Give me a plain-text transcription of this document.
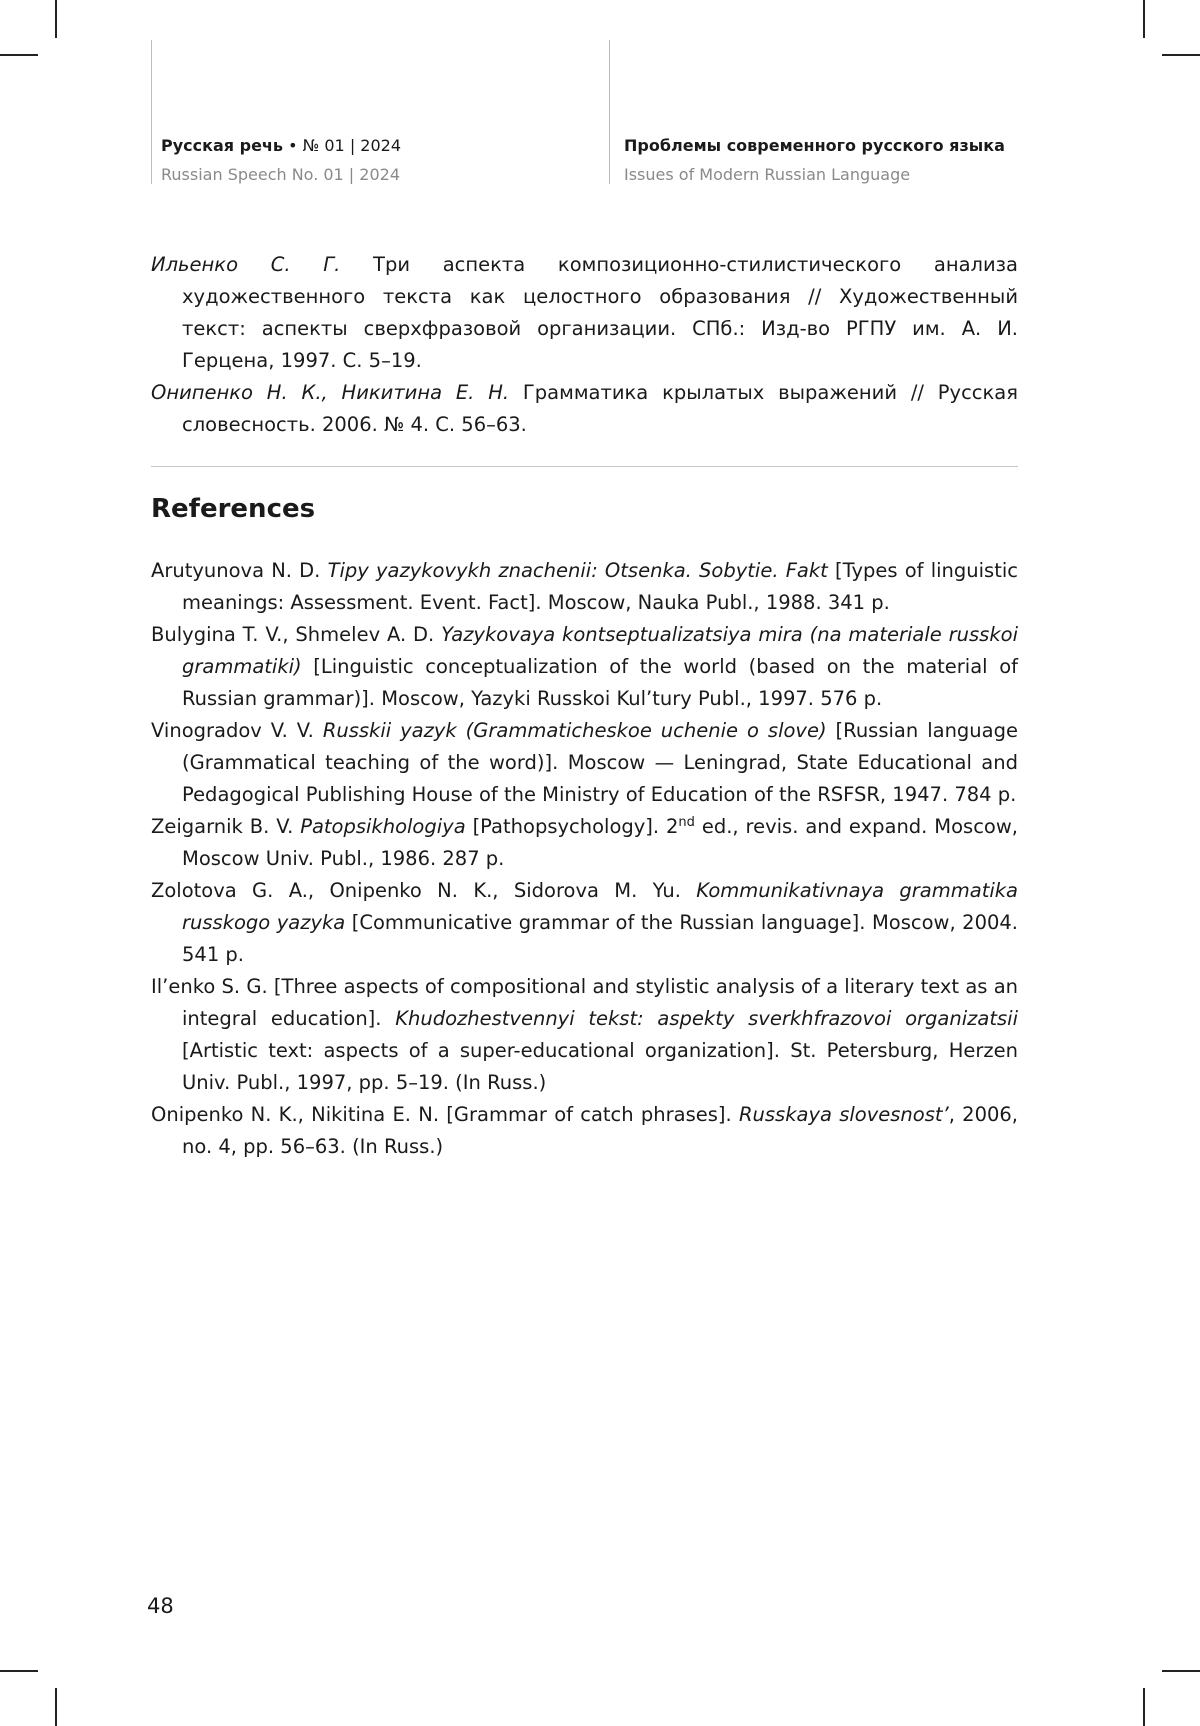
Русская речь • № 01 | 2024
Russian Speech No. 01 | 2024
Проблемы современного русского языка
Issues of Modern Russian Language

Ильенко С. Г. Три аспекта композиционно-стилистического анализа художественного текста как целостного образования // Художественный текст: аспекты сверхфразовой организации. СПб.: Изд-во РГПУ им. А. И. Герцена, 1997. С. 5–19.

Онипенко Н. К., Никитина Е. Н. Грамматика крылатых выражений // Русская словесность. 2006. № 4. С. 56–63.

References

Arutyunova N. D. Tipy yazykovykh znachenii: Otsenka. Sobytie. Fakt [Types of linguistic meanings: Assessment. Event. Fact]. Moscow, Nauka Publ., 1988. 341 p.

Bulygina T. V., Shmelev A. D. Yazykovaya kontseptualizatsiya mira (na materiale russkoi grammatiki) [Linguistic conceptualization of the world (based on the material of Russian grammar)]. Moscow, Yazyki Russkoi Kul’tury Publ., 1997. 576 p.

Vinogradov V. V. Russkii yazyk (Grammaticheskoe uchenie o slove) [Russian language (Grammatical teaching of the word)]. Moscow — Leningrad, State Educational and Pedagogical Publishing House of the Ministry of Education of the RSFSR, 1947. 784 p.

Zeigarnik B. V. Patopsikhologiya [Pathopsychology]. 2nd ed., revis. and expand. Moscow, Moscow Univ. Publ., 1986. 287 p.

Zolotova G. A., Onipenko N. K., Sidorova M. Yu. Kommunikativnaya grammatika russkogo yazyka [Communicative grammar of the Russian language]. Moscow, 2004. 541 p.

Il’enko S. G. [Three aspects of compositional and stylistic analysis of a literary text as an integral education]. Khudozhestvennyi tekst: aspekty sverkhfrazovoi organizatsii [Artistic text: aspects of a super-educational organization]. St. Petersburg, Herzen Univ. Publ., 1997, pp. 5–19. (In Russ.)

Onipenko N. K., Nikitina E. N. [Grammar of catch phrases]. Russkaya slovesnost’, 2006, no. 4, pp. 56–63. (In Russ.)

48
